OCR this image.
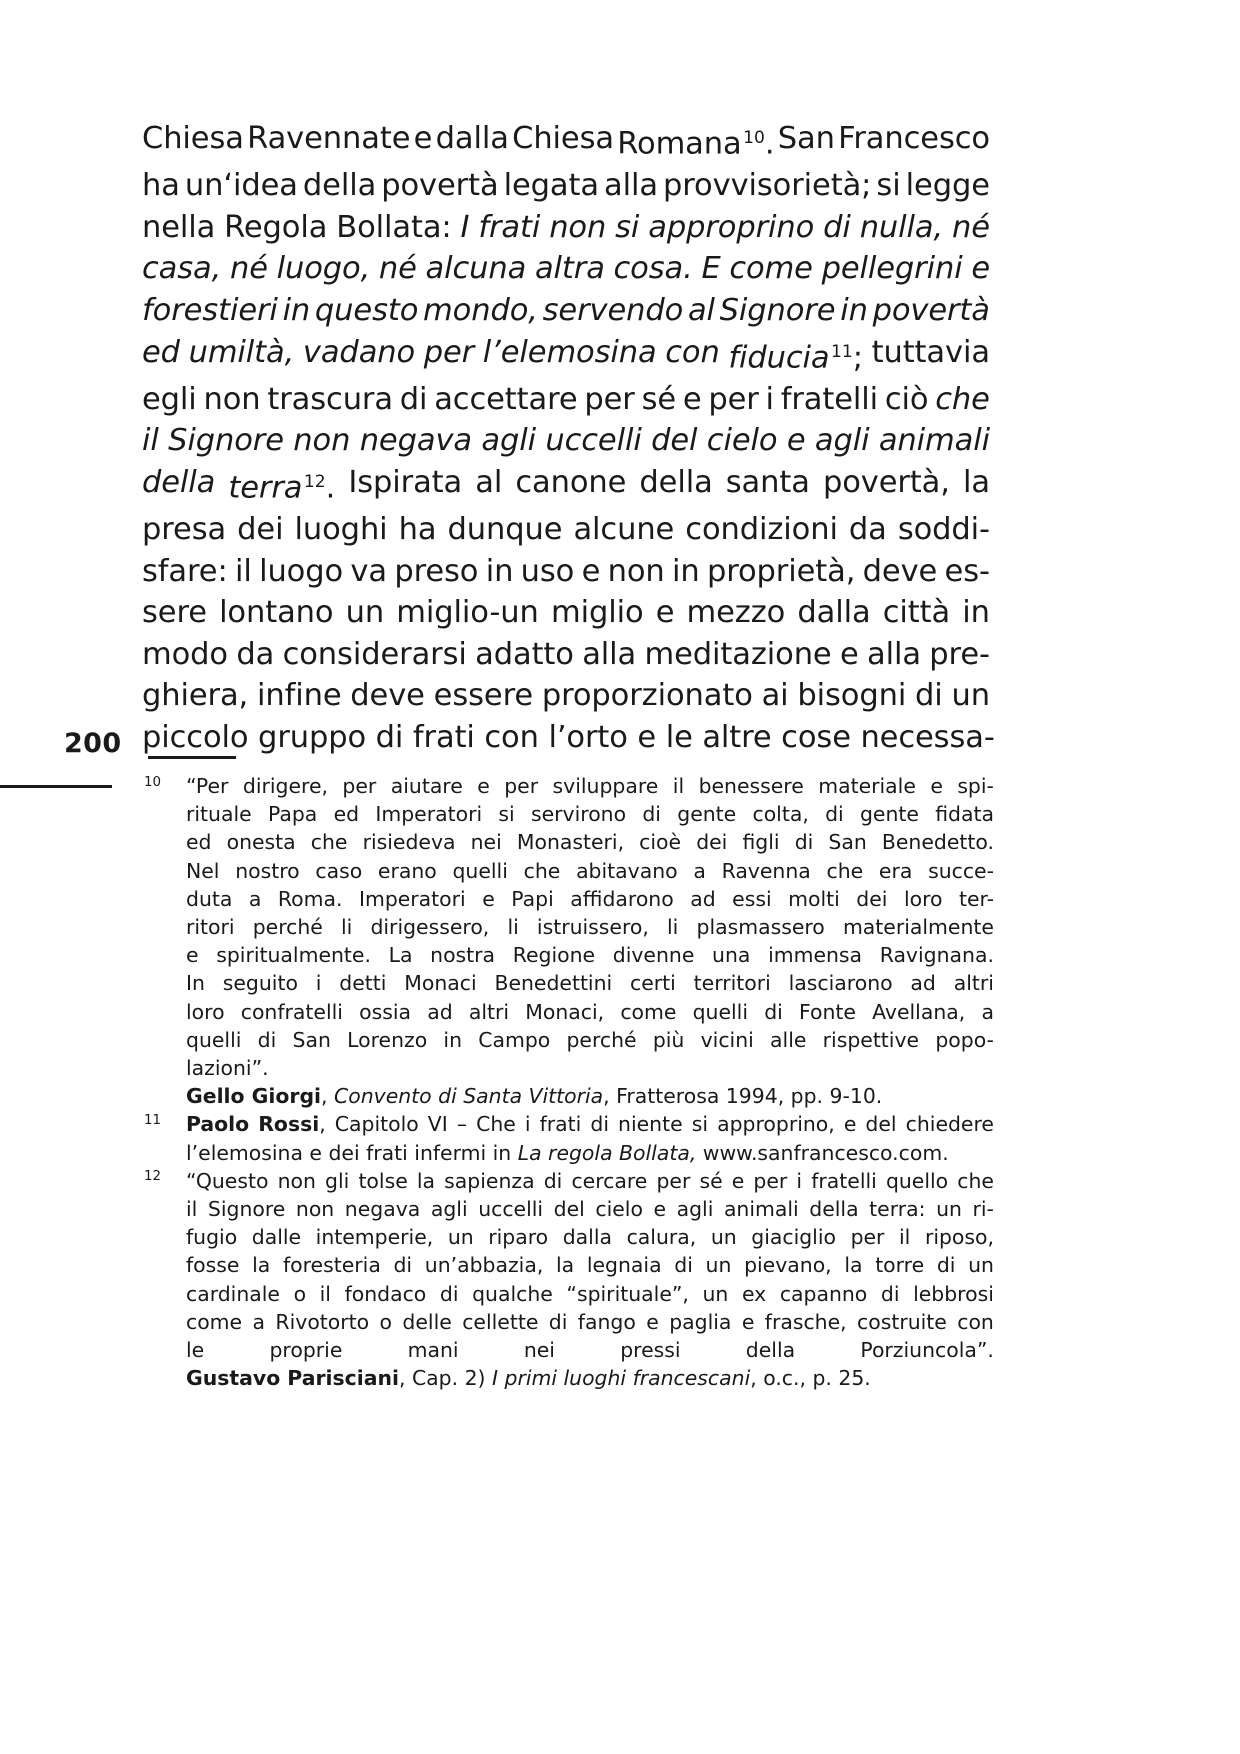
Chiesa Ravennate e dalla Chiesa Romana$^{10}$. San Francesco
ha un‘idea della povertà legata alla provvisorietà; si legge
nella Regola Bollata: I frati non si approprino di nulla, né
casa, né luogo, né alcuna altra cosa. E come pellegrini e
forestieri in questo mondo, servendo al Signore in povertà
ed umiltà, vadano per l’elemosina con fiducia$^{11}$; tuttavia
egli non trascura di accettare per sé e per i fratelli ciò che
il Signore non negava agli uccelli del cielo e agli animali
della terra$^{12}$. Ispirata al canone della santa povertà, la
presa dei luoghi ha dunque alcune condizioni da soddi-
sfare: il luogo va preso in uso e non in proprietà, deve es-
sere lontano un miglio-un miglio e mezzo dalla città in
modo da considerarsi adatto alla meditazione e alla pre-
ghiera, infine deve essere proporzionato ai bisogni di un
piccolo gruppo di frati con l’orto e le altre cose necessa-

200
10 “Per dirigere, per aiutare e per sviluppare il benessere materiale e spi-
rituale Papa ed Imperatori si servirono di gente colta, di gente fidata
ed onesta che risiedeva nei Monasteri, cioè dei figli di San Benedetto.
Nel nostro caso erano quelli che abitavano a Ravenna che era succe-
duta a Roma. Imperatori e Papi affidarono ad essi molti dei loro ter-
ritori perché li dirigessero, li istruissero, li plasmassero materialmente
e spiritualmente. La nostra Regione divenne una immensa Ravignana.
In seguito i detti Monaci Benedettini certi territori lasciarono ad altri
loro confratelli ossia ad altri Monaci, come quelli di Fonte Avellana, a
quelli di San Lorenzo in Campo perché più vicini alle rispettive popo-
lazioni”.
Gello Giorgi, Convento di Santa Vittoria, Fratterosa 1994, pp. 9-10.
11 Paolo Rossi, Capitolo VI – Che i frati di niente si approprino, e del chiedere
l’elemosina e dei frati infermi in La regola Bollata, www.sanfrancesco.com.
12 “Questo non gli tolse la sapienza di cercare per sé e per i fratelli quello che
il Signore non negava agli uccelli del cielo e agli animali della terra: un ri-
fugio dalle intemperie, un riparo dalla calura, un giaciglio per il riposo,
fosse la foresteria di un’abbazia, la legnaia di un pievano, la torre di un
cardinale o il fondaco di qualche “spirituale”, un ex capanno di lebbrosi
come a Rivotorto o delle cellette di fango e paglia e frasche, costruite con
le	proprie	mani	nei	pressi	della	Porziuncola”.
Gustavo Parisciani, Cap. 2) I primi luoghi francescani, o.c., p. 25.
